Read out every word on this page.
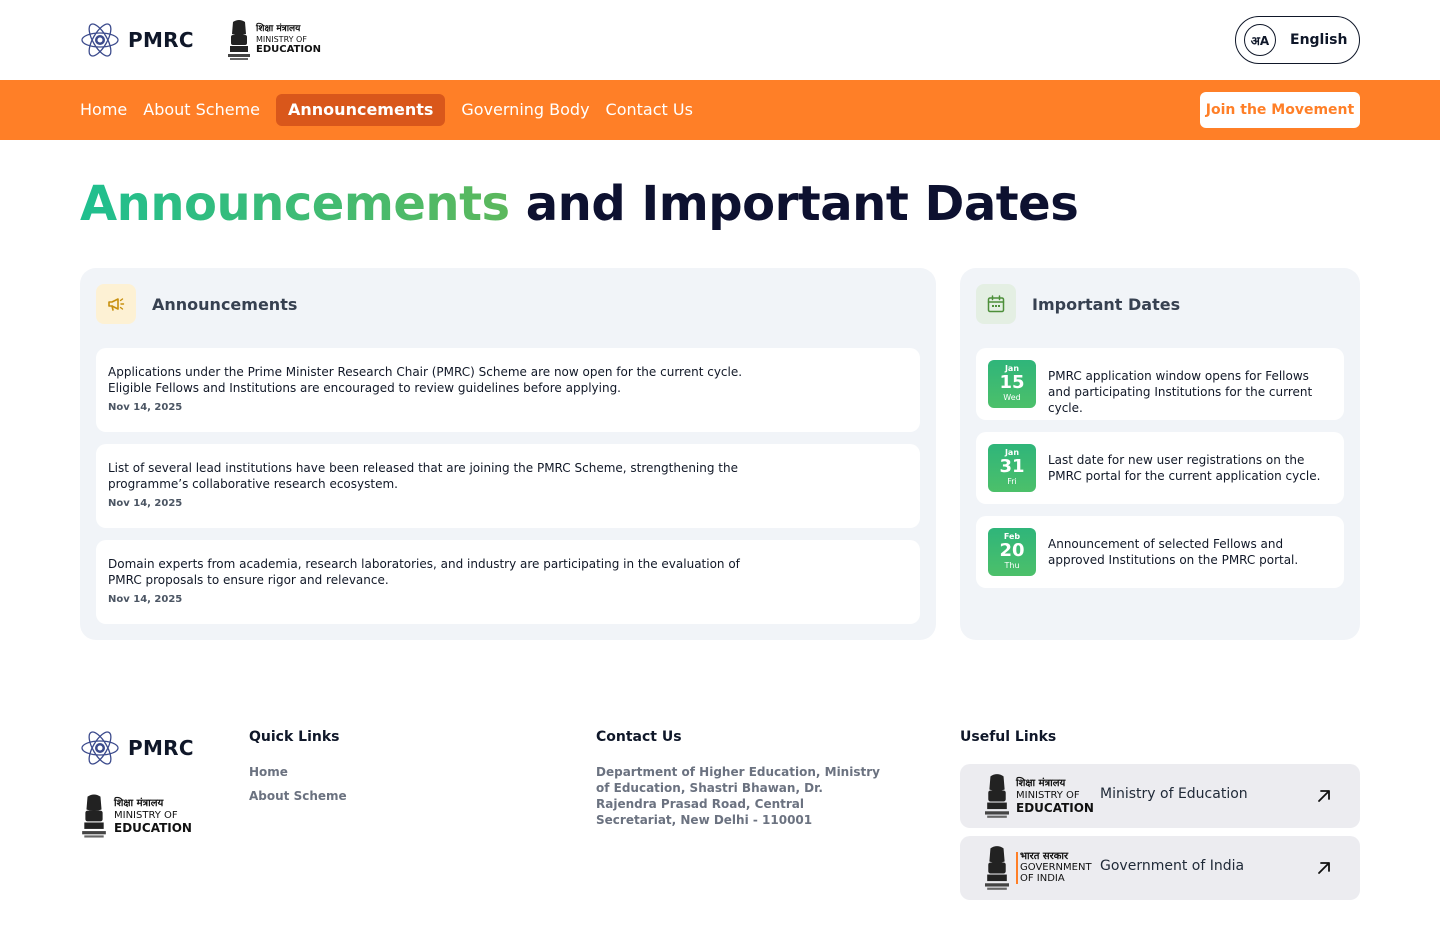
PMRC	शिक्षा मंत्रालय
MINISTRY OF
EDUCATION
अA	English
Home	About Scheme	Announcements	Governing Body	Contact Us	Join the Movement
Announcements and Important Dates
Announcements

Applications under the Prime Minister Research Chair (PMRC) Scheme are now open for the current cycle. Eligible Fellows and Institutions are encouraged to review guidelines before applying.

Nov 14, 2025

List of several lead institutions have been released that are joining the PMRC Scheme, strengthening the programme’s collaborative research ecosystem.

Nov 14, 2025

Domain experts from academia, research laboratories, and industry are participating in the evaluation of PMRC proposals to ensure rigor and relevance.

Nov 14, 2025

Important Dates
Jan
15
Wed

PMRC application window opens for Fellows and participating Institutions for the current cycle.

Jan
31
Fri

Last date for new user registrations on the PMRC portal for the current application cycle.

Feb
20
Thu

Announcement of selected Fellows and approved Institutions on the PMRC portal.

PMRC
शिक्षा मंत्रालय
MINISTRY OF
EDUCATION
Quick Links
Home
About Scheme
Contact Us

Department of Higher Education, Ministry of Education, Shastri Bhawan, Dr. Rajendra Prasad Road, Central Secretariat, New Delhi - 110001

Useful Links
शिक्षा मंत्रालय
MINISTRY OF
EDUCATION
Ministry of Education
भारत सरकार
GOVERNMENT
OF INDIA
Government of India
